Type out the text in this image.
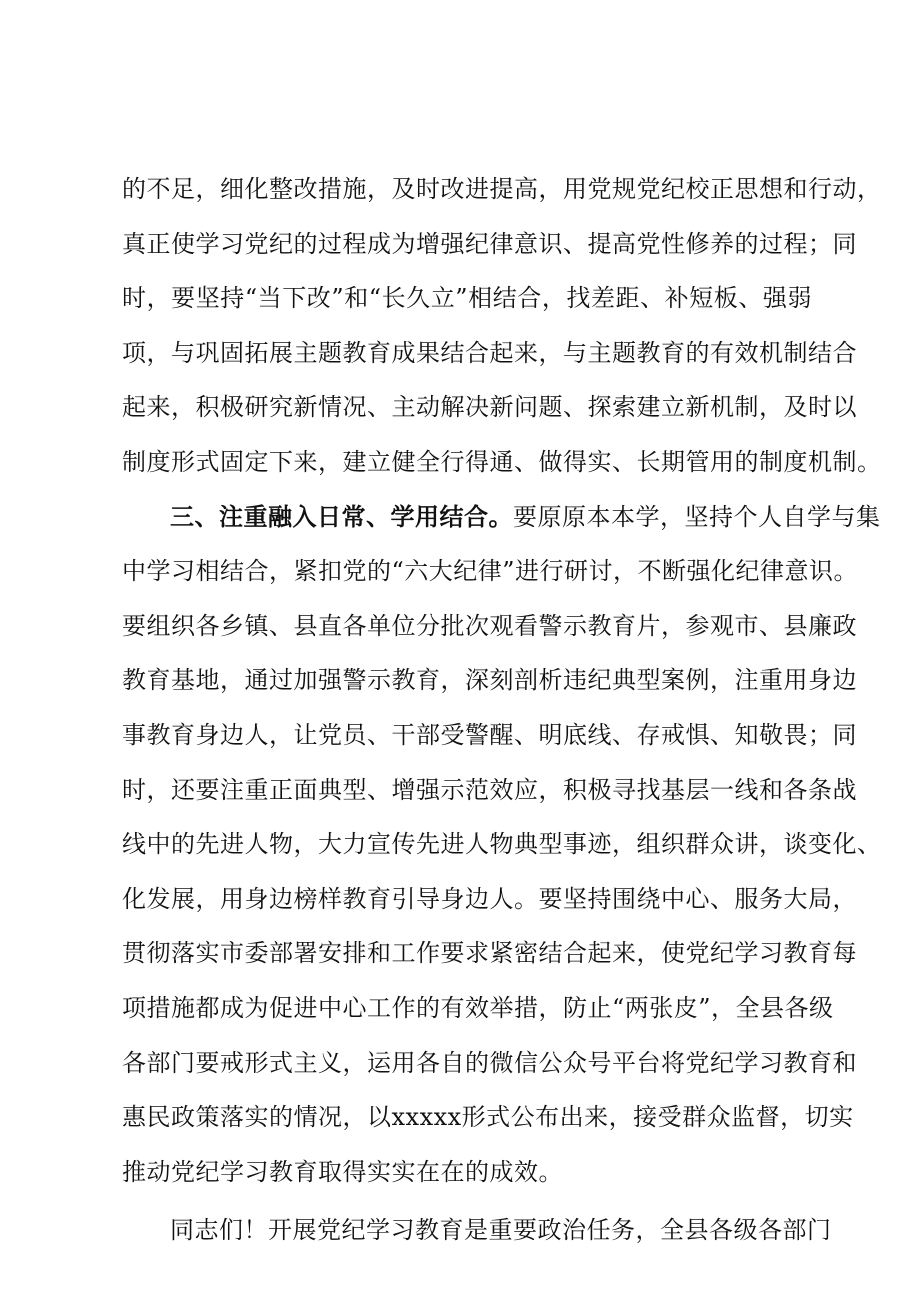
的不足，细化整改措施，及时改进提高，用党规党纪校正思想和行动，
真正使学习党纪的过程成为增强纪律意识、提高党性修养的过程；同
时，要坚持“当下改”和“长久立”相结合，找差距、补短板、强弱
项，与巩固拓展主题教育成果结合起来，与主题教育的有效机制结合
起来，积极研究新情况、主动解决新问题、探索建立新机制，及时以
制度形式固定下来，建立健全行得通、做得实、长期管用的制度机制。
三、注重融入日常、学用结合。要原原本本学，坚持个人自学与集
中学习相结合，紧扣党的“六大纪律”进行研讨，不断强化纪律意识。
要组织各乡镇、县直各单位分批次观看警示教育片，参观市、县廉政
教育基地，通过加强警示教育，深刻剖析违纪典型案例，注重用身边
事教育身边人，让党员、干部受警醒、明底线、存戒惧、知敬畏；同
时，还要注重正面典型、增强示范效应，积极寻找基层一线和各条战
线中的先进人物，大力宣传先进人物典型事迹，组织群众讲，谈变化、
化发展，用身边榜样教育引导身边人。要坚持围绕中心、服务大局，
贯彻落实市委部署安排和工作要求紧密结合起来，使党纪学习教育每
项措施都成为促进中心工作的有效举措，防止“两张皮”，全县各级
各部门要戒形式主义，运用各自的微信公众号平台将党纪学习教育和
惠民政策落实的情况，以xxxxx形式公布出来，接受群众监督，切实
推动党纪学习教育取得实实在在的成效。
同志们！开展党纪学习教育是重要政治任务，全县各级各部门
